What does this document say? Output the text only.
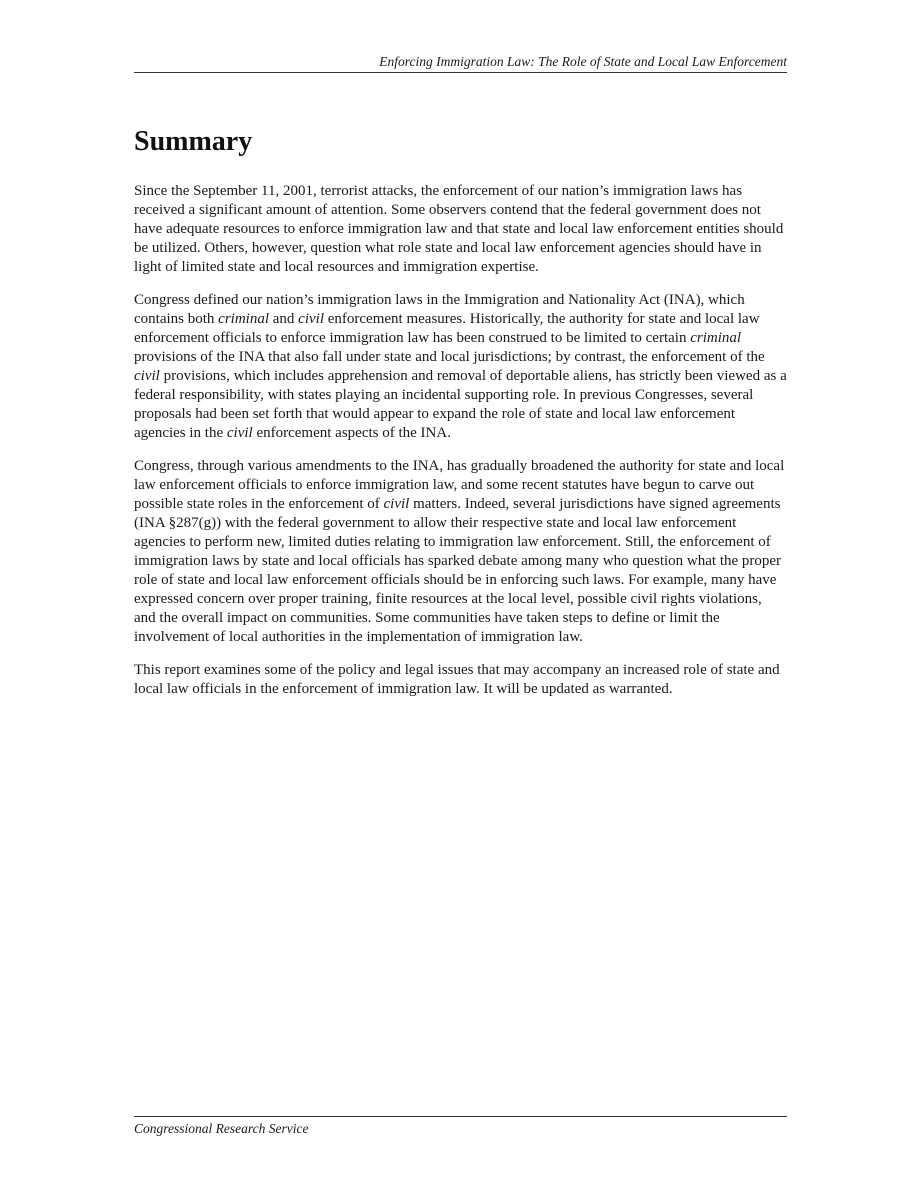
Enforcing Immigration Law: The Role of State and Local Law Enforcement
Summary

Since the September 11, 2001, terrorist attacks, the enforcement of our nation’s immigration laws has received a significant amount of attention. Some observers contend that the federal government does not have adequate resources to enforce immigration law and that state and local law enforcement entities should be utilized. Others, however, question what role state and local law enforcement agencies should have in light of limited state and local resources and immigration expertise.

Congress defined our nation’s immigration laws in the Immigration and Nationality Act (INA), which contains both criminal and civil enforcement measures. Historically, the authority for state and local law enforcement officials to enforce immigration law has been construed to be limited to certain criminal provisions of the INA that also fall under state and local jurisdictions; by contrast, the enforcement of the civil provisions, which includes apprehension and removal of deportable aliens, has strictly been viewed as a federal responsibility, with states playing an incidental supporting role. In previous Congresses, several proposals had been set forth that would appear to expand the role of state and local law enforcement agencies in the civil enforcement aspects of the INA.

Congress, through various amendments to the INA, has gradually broadened the authority for state and local law enforcement officials to enforce immigration law, and some recent statutes have begun to carve out possible state roles in the enforcement of civil matters. Indeed, several jurisdictions have signed agreements (INA §287(g)) with the federal government to allow their respective state and local law enforcement agencies to perform new, limited duties relating to immigration law enforcement. Still, the enforcement of immigration laws by state and local officials has sparked debate among many who question what the proper role of state and local law enforcement officials should be in enforcing such laws. For example, many have expressed concern over proper training, finite resources at the local level, possible civil rights violations, and the overall impact on communities. Some communities have taken steps to define or limit the involvement of local authorities in the implementation of immigration law.

This report examines some of the policy and legal issues that may accompany an increased role of state and local law officials in the enforcement of immigration law. It will be updated as warranted.

Congressional Research Service
